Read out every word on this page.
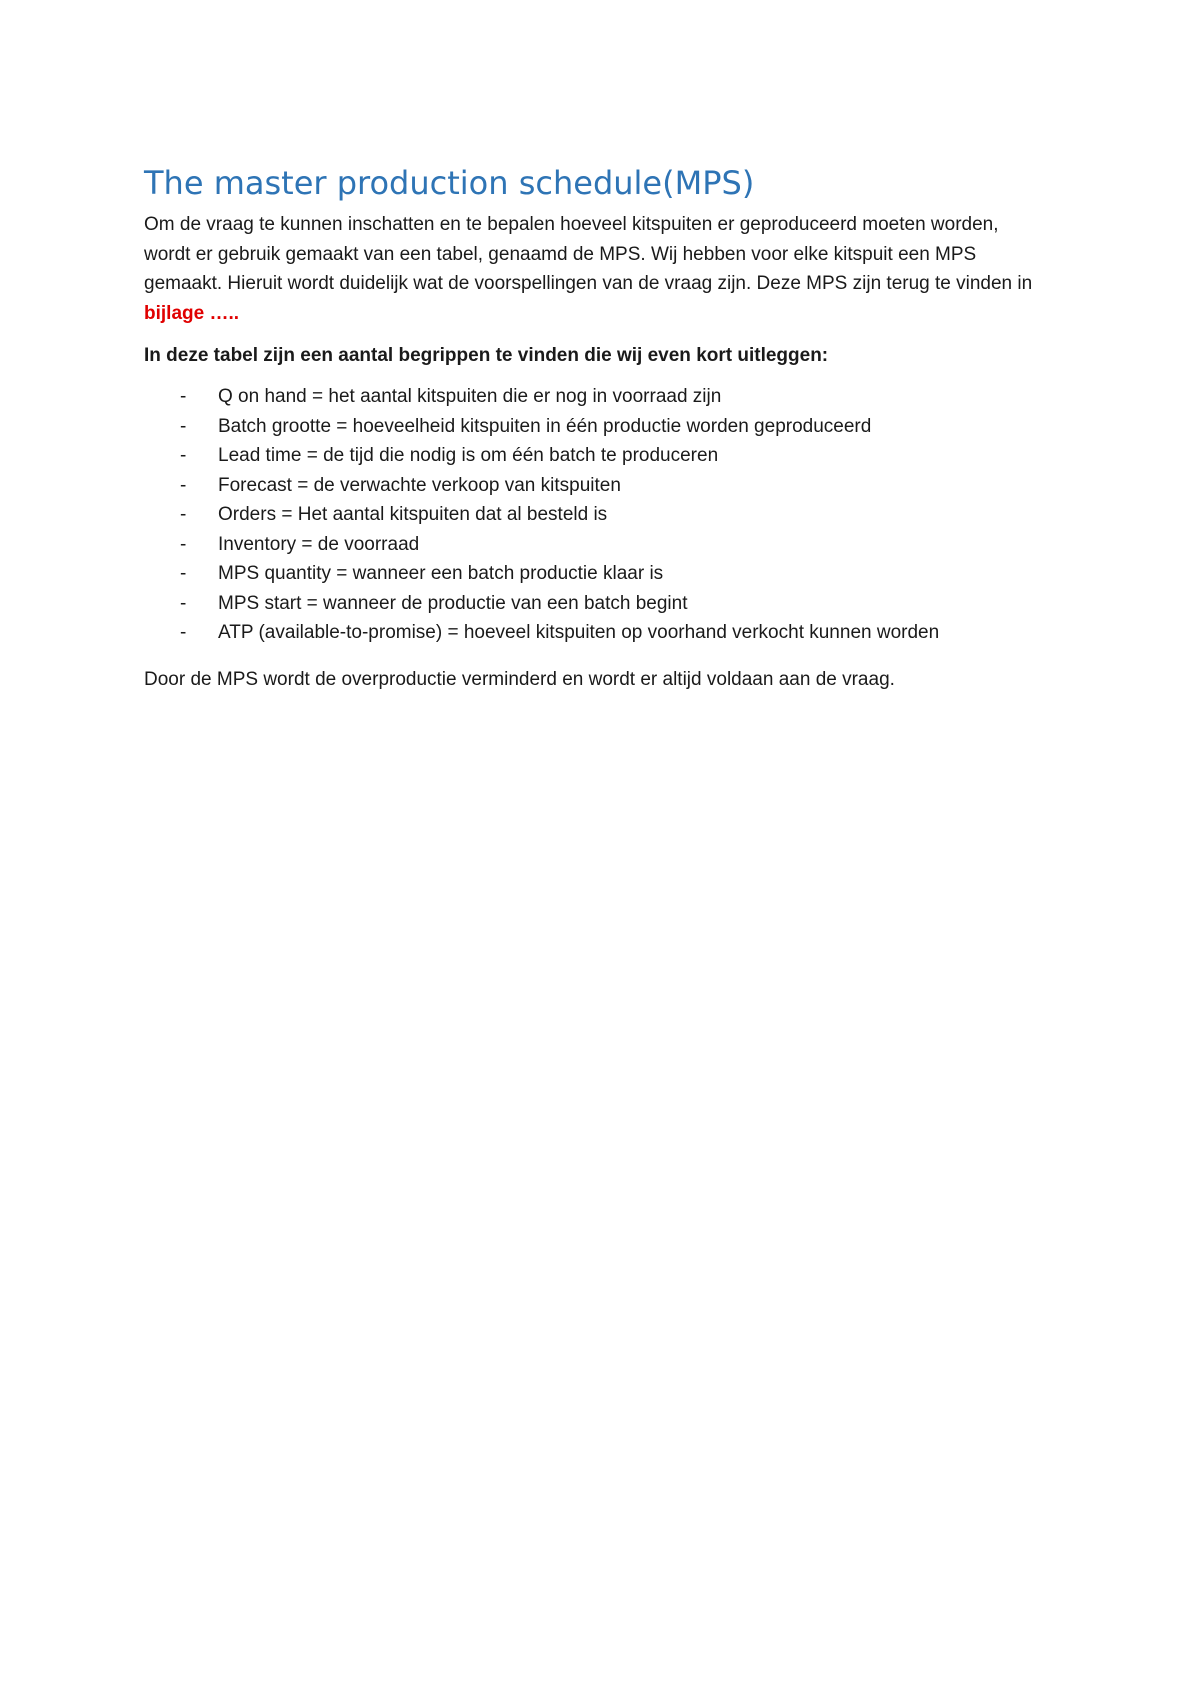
The master production schedule(MPS)

Om de vraag te kunnen inschatten en te bepalen hoeveel kitspuiten er geproduceerd moeten worden, wordt er gebruik gemaakt van een tabel, genaamd de MPS. Wij hebben voor elke kitspuit een MPS gemaakt. Hieruit wordt duidelijk wat de voorspellingen van de vraag zijn. Deze MPS zijn terug te vinden in bijlage …..

In deze tabel zijn een aantal begrippen te vinden die wij even kort uitleggen:

- Q on hand = het aantal kitspuiten die er nog in voorraad zijn
- Batch grootte = hoeveelheid kitspuiten in één productie worden geproduceerd
- Lead time = de tijd die nodig is om één batch te produceren
- Forecast = de verwachte verkoop van kitspuiten
- Orders = Het aantal kitspuiten dat al besteld is
- Inventory = de voorraad
- MPS quantity = wanneer een batch productie klaar is
- MPS start = wanneer de productie van een batch begint
- ATP (available-to-promise) = hoeveel kitspuiten op voorhand verkocht kunnen worden

Door de MPS wordt de overproductie verminderd en wordt er altijd voldaan aan de vraag.
